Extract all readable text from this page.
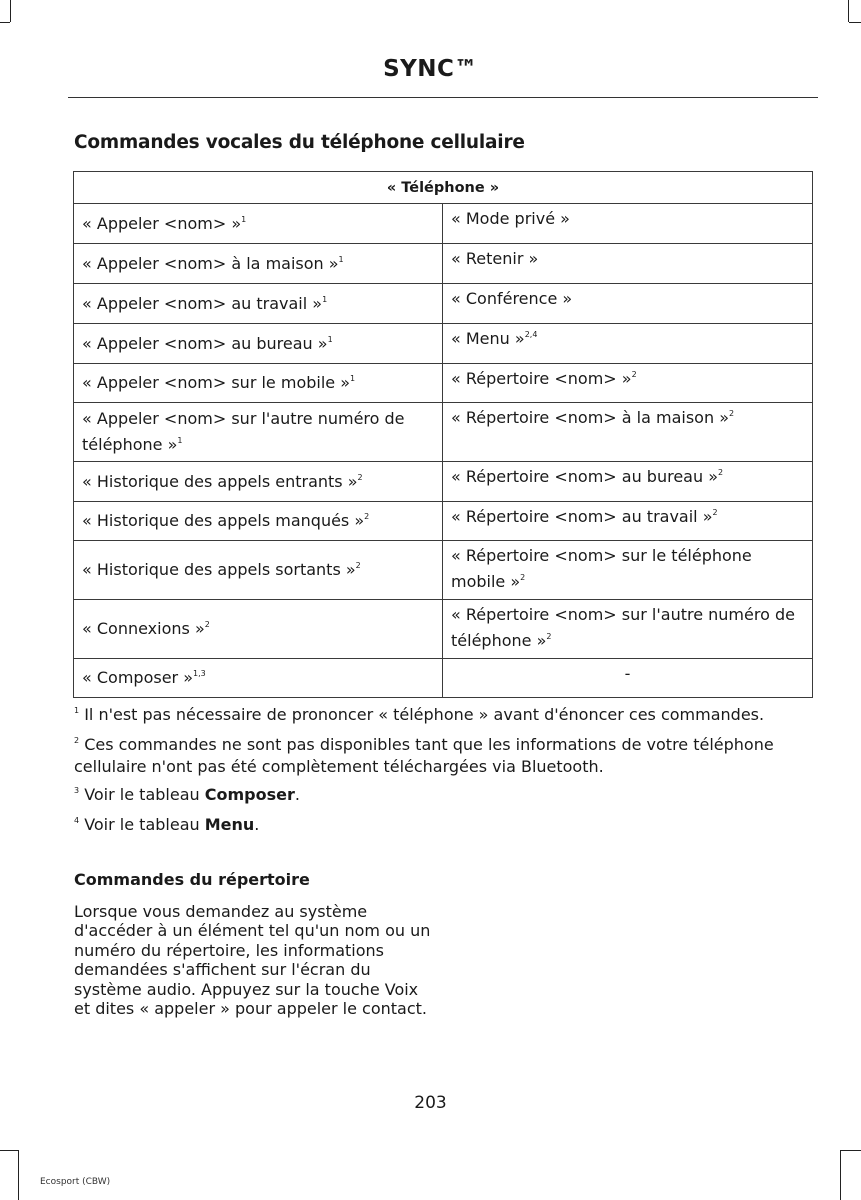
SYNC™
Commandes vocales du téléphone cellulaire
« Téléphone »	
« Appeler <nom> »$^1$	« Mode privé »
« Appeler <nom> à la maison »$^1$	« Retenir »
« Appeler <nom> au travail »$^1$	« Conférence »
« Appeler <nom> au bureau »$^1$	« Menu »$^{2,4}$
« Appeler <nom> sur le mobile »$^1$	« Répertoire <nom> »$^2$
« Appeler <nom> sur l'autre numéro de téléphone »$^1$	« Répertoire <nom> à la maison »$^2$
« Historique des appels entrants »$^2$	« Répertoire <nom> au bureau »$^2$
« Historique des appels manqués »$^2$	« Répertoire <nom> au travail »$^2$
« Historique des appels sortants »$^2$	« Répertoire <nom> sur le téléphone mobile »$^2$
« Connexions »$^2$	« Répertoire <nom> sur l'autre numéro de téléphone »$^2$
« Composer »$^{1,3}$	-
$^1$ Il n'est pas nécessaire de prononcer « téléphone » avant d'énoncer ces commandes.
$^2$ Ces commandes ne sont pas disponibles tant que les informations de votre téléphone cellulaire n'ont pas été complètement téléchargées via Bluetooth.
$^3$ Voir le tableau Composer.
$^4$ Voir le tableau Menu.
Commandes du répertoire
Lorsque vous demandez au système d'accéder à un élément tel qu'un nom ou un numéro du répertoire, les informations demandées s'affichent sur l'écran du système audio. Appuyez sur la touche Voix et dites « appeler » pour appeler le contact.
203
Ecosport (CBW)
